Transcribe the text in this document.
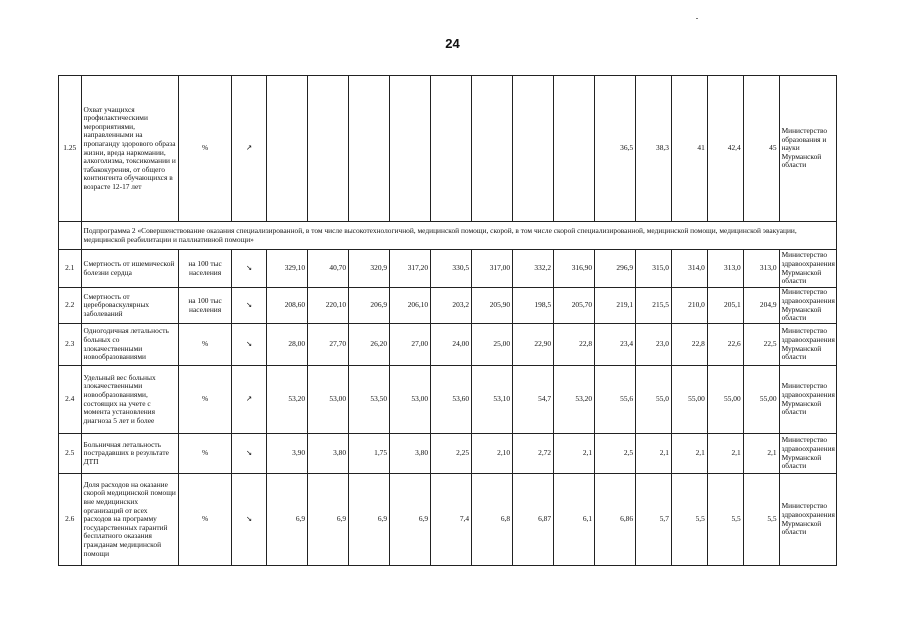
24
1.25	Охват учащихся профилактическими мероприятиями, направленными на пропаганду здорового образа жизни, вреда наркомании, алкоголизма, токсикомании и табакокурения, от общего контингента обучающихся в возрасте 12-17 лет	%	↗									36,5	38,3	41	42,4	45	Министерство образования и науки Мурманской области
	Подпрограмма 2 «Совершенствование оказания специализированной, в том числе высокотехнологичной, медицинской помощи, скорой, в том числе скорой специализированной, медицинской помощи, медицинской эвакуации, медицинской реабилитации и паллиативной помощи»																
2.1	Смертность от ишемической болезни сердца	на 100 тыс населения	↘	329,10	40,70	320,9	317,20	330,5	317,00	332,2	316,90	296,9	315,0	314,0	313,0	313,0	Министерство здравоохранения Мурманской области
2.2	Смертность от цереброваскулярных заболеваний	на 100 тыс населения	↘	208,60	220,10	206,9	206,10	203,2	205,90	198,5	205,70	219,1	215,5	210,0	205,1	204,9	Министерство здравоохранения Мурманской области
2.3	Одногодичная летальность больных со злокачественными новообразованиями	%	↘	28,00	27,70	26,20	27,00	24,00	25,00	22,90	22,8	23,4	23,0	22,8	22,6	22,5	Министерство здравоохранения Мурманской области
2.4	Удельный вес больных злокачественными новообразованиями, состоящих на учете с момента установления диагноза 5 лет и более	%	↗	53,20	53,00	53,50	53,00	53,60	53,10	54,7	53,20	55,6	55,0	55,00	55,00	55,00	Министерство здравоохранения Мурманской области
2.5	Больничная летальность пострадавших в результате ДТП	%	↘	3,90	3,80	1,75	3,80	2,25	2,10	2,72	2,1	2,5	2,1	2,1	2,1	2,1	Министерство здравоохранения Мурманской области
2.6	Доля расходов на оказание скорой медицинской помощи вне медицинских организаций от всех расходов на программу государственных гарантий бесплатного оказания гражданам медицинской помощи	%	↘	6,9	6,9	6,9	6,9	7,4	6,8	6,87	6,1	6,86	5,7	5,5	5,5	5,5	Министерство здравоохранения Мурманской области
